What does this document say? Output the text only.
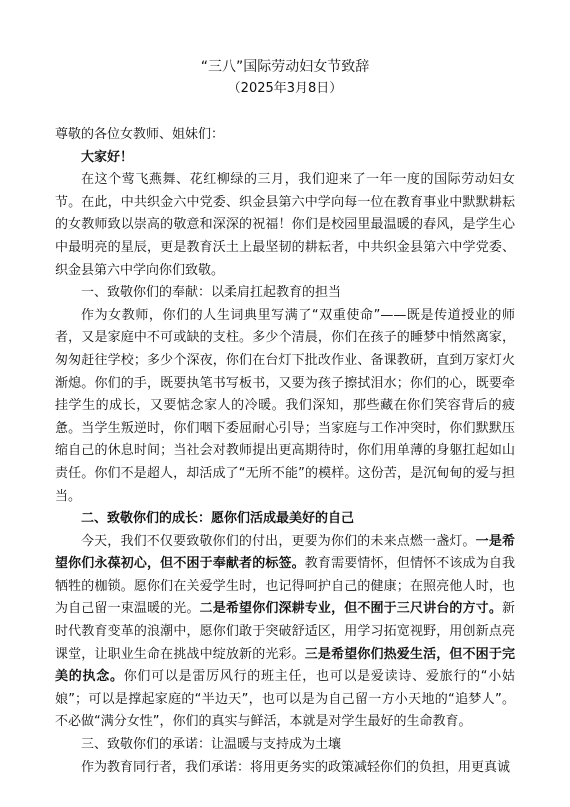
“三八”国际劳动妇女节致辞
（2025年3月8日）

尊敬的各位女教师、姐妹们：

大家好！

在这个莺飞燕舞、花红柳绿的三月，我们迎来了一年一度的国际劳动妇女节。在此，中共织金六中党委、织金县第六中学向每一位在教育事业中默默耕耘的女教师致以崇高的敬意和深深的祝福！你们是校园里最温暖的春风，是学生心中最明亮的星辰，更是教育沃土上最坚韧的耕耘者，中共织金县第六中学党委、织金县第六中学向你们致敬。

一、致敬你们的奉献：以柔肩扛起教育的担当

作为女教师，你们的人生词典里写满了“双重使命”——既是传道授业的师者，又是家庭中不可或缺的支柱。多少个清晨，你们在孩子的睡梦中悄然离家，匆匆赶往学校；多少个深夜，你们在台灯下批改作业、备课教研，直到万家灯火渐熄。你们的手，既要执笔书写板书，又要为孩子擦拭泪水；你们的心，既要牵挂学生的成长，又要惦念家人的冷暖。我们深知，那些藏在你们笑容背后的疲惫。当学生叛逆时，你们咽下委屈耐心引导；当家庭与工作冲突时，你们默默压缩自己的休息时间；当社会对教师提出更高期待时，你们用单薄的身躯扛起如山责任。你们不是超人，却活成了“无所不能”的模样。这份苦，是沉甸甸的爱与担当。

二、致敬你们的成长：愿你们活成最美好的自己

今天，我们不仅要致敬你们的付出，更要为你们的未来点燃一盏灯。一是希望你们永葆初心，但不困于奉献者的标签。教育需要情怀，但情怀不该成为自我牺牲的枷锁。愿你们在关爱学生时，也记得呵护自己的健康；在照亮他人时，也为自己留一束温暖的光。二是希望你们深耕专业，但不囿于三尺讲台的方寸。新时代教育变革的浪潮中，愿你们敢于突破舒适区，用学习拓宽视野，用创新点亮课堂，让职业生命在挑战中绽放新的光彩。三是希望你们热爱生活，但不困于完美的执念。你们可以是雷厉风行的班主任，也可以是爱读诗、爱旅行的“小姑娘”；可以是撑起家庭的“半边天”，也可以是为自己留一方小天地的“追梦人”。不必做“满分女性”，你们的真实与鲜活，本就是对学生最好的生命教育。

三、致敬你们的承诺：让温暖与支持成为土壤

作为教育同行者，我们承诺：将用更务实的政策减轻你们的负担，用更真诚
